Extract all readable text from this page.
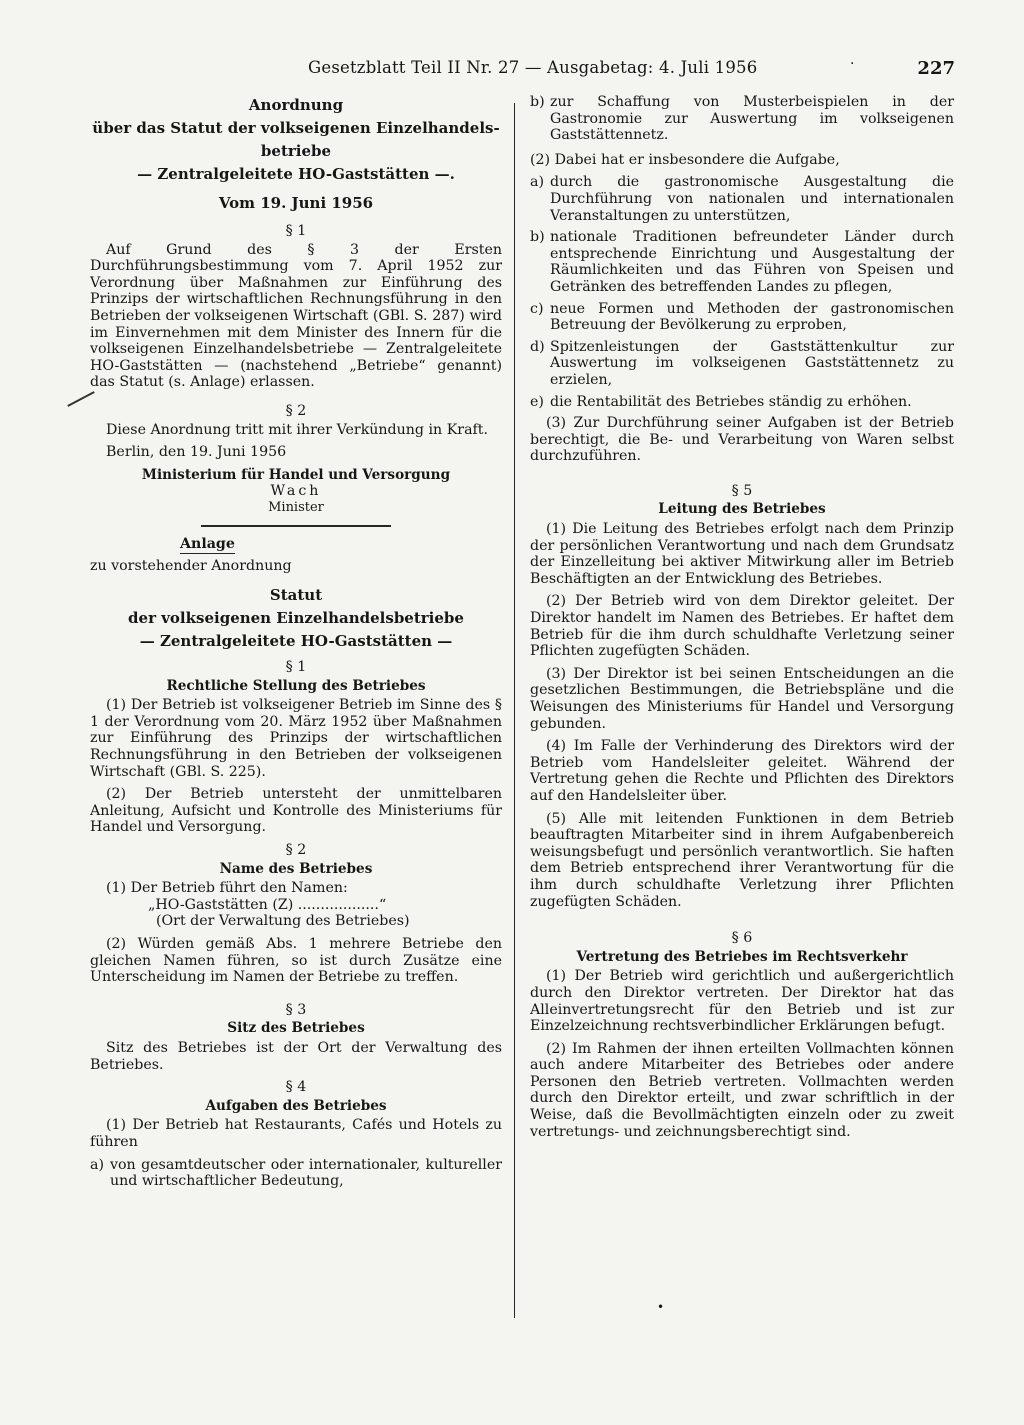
Gesetzblatt Teil II Nr. 27 — Ausgabetag: 4. Juli 1956	·	227
Anordnung
über das Statut der volkseigenen Einzelhandels-
betriebe
— Zentralgeleitete HO-Gaststätten —.
Vom 19. Juni 1956
§ 1
Auf Grund des § 3 der Ersten Durchführungsbestimmung vom 7. April 1952 zur Verordnung über Maßnahmen zur Einführung des Prinzips der wirtschaftlichen Rechnungsführung in den Betrieben der volkseigenen Wirtschaft (GBl. S. 287) wird im Einvernehmen mit dem Minister des Innern für die volkseigenen Einzelhandelsbetriebe — Zentralgeleitete HO-Gaststätten — (nachstehend „Betriebe“ genannt) das Statut (s. Anlage) erlassen.
§ 2
Diese Anordnung tritt mit ihrer Verkündung in Kraft.
Berlin, den 19. Juni 1956
Ministerium für Handel und Versorgung
Wach
Minister
Anlage
zu vorstehender Anordnung
Statut
der volkseigenen Einzelhandelsbetriebe
— Zentralgeleitete HO-Gaststätten —
§ 1
Rechtliche Stellung des Betriebes
(1) Der Betrieb ist volkseigener Betrieb im Sinne des § 1 der Verordnung vom 20. März 1952 über Maßnahmen zur Einführung des Prinzips der wirtschaftlichen Rechnungsführung in den Betrieben der volkseigenen Wirtschaft (GBl. S. 225).
(2) Der Betrieb untersteht der unmittelbaren Anleitung, Aufsicht und Kontrolle des Ministeriums für Handel und Versorgung.
§ 2
Name des Betriebes
(1) Der Betrieb führt den Namen:
„HO-Gaststätten (Z) ..................“
(Ort der Verwaltung des Betriebes)
(2) Würden gemäß Abs. 1 mehrere Betriebe den gleichen Namen führen, so ist durch Zusätze eine Unterscheidung im Namen der Betriebe zu treffen.
§ 3
Sitz des Betriebes
Sitz des Betriebes ist der Ort der Verwaltung des Betriebes.
§ 4
Aufgaben des Betriebes
(1) Der Betrieb hat Restaurants, Cafés und Hotels zu führen
a) von gesamtdeutscher oder internationaler, kultureller und wirtschaftlicher Bedeutung,
b) zur Schaffung von Musterbeispielen in der Gastronomie zur Auswertung im volkseigenen Gaststättennetz.
(2) Dabei hat er insbesondere die Aufgabe,
a) durch die gastronomische Ausgestaltung die Durchführung von nationalen und internationalen Veranstaltungen zu unterstützen,
b) nationale Traditionen befreundeter Länder durch entsprechende Einrichtung und Ausgestaltung der Räumlichkeiten und das Führen von Speisen und Getränken des betreffenden Landes zu pflegen,
c) neue Formen und Methoden der gastronomischen Betreuung der Bevölkerung zu erproben,
d) Spitzenleistungen der Gaststättenkultur zur Auswertung im volkseigenen Gaststättennetz zu erzielen,
e) die Rentabilität des Betriebes ständig zu erhöhen.
(3) Zur Durchführung seiner Aufgaben ist der Betrieb berechtigt, die Be- und Verarbeitung von Waren selbst durchzuführen.
§ 5
Leitung des Betriebes
(1) Die Leitung des Betriebes erfolgt nach dem Prinzip der persönlichen Verantwortung und nach dem Grundsatz der Einzelleitung bei aktiver Mitwirkung aller im Betrieb Beschäftigten an der Entwicklung des Betriebes.
(2) Der Betrieb wird von dem Direktor geleitet. Der Direktor handelt im Namen des Betriebes. Er haftet dem Betrieb für die ihm durch schuldhafte Verletzung seiner Pflichten zugefügten Schäden.
(3) Der Direktor ist bei seinen Entscheidungen an die gesetzlichen Bestimmungen, die Betriebspläne und die Weisungen des Ministeriums für Handel und Versorgung gebunden.
(4) Im Falle der Verhinderung des Direktors wird der Betrieb vom Handelsleiter geleitet. Während der Vertretung gehen die Rechte und Pflichten des Direktors auf den Handelsleiter über.
(5) Alle mit leitenden Funktionen in dem Betrieb beauftragten Mitarbeiter sind in ihrem Aufgabenbereich weisungsbefugt und persönlich verantwortlich. Sie haften dem Betrieb entsprechend ihrer Verantwortung für die ihm durch schuldhafte Verletzung ihrer Pflichten zugefügten Schäden.
§ 6
Vertretung des Betriebes im Rechtsverkehr
(1) Der Betrieb wird gerichtlich und außergerichtlich durch den Direktor vertreten. Der Direktor hat das Alleinvertretungsrecht für den Betrieb und ist zur Einzelzeichnung rechtsverbindlicher Erklärungen befugt.
(2) Im Rahmen der ihnen erteilten Vollmachten können auch andere Mitarbeiter des Betriebes oder andere Personen den Betrieb vertreten. Vollmachten werden durch den Direktor erteilt, und zwar schriftlich in der Weise, daß die Bevollmächtigten einzeln oder zu zweit vertretungs- und zeichnungsberechtigt sind.
•
